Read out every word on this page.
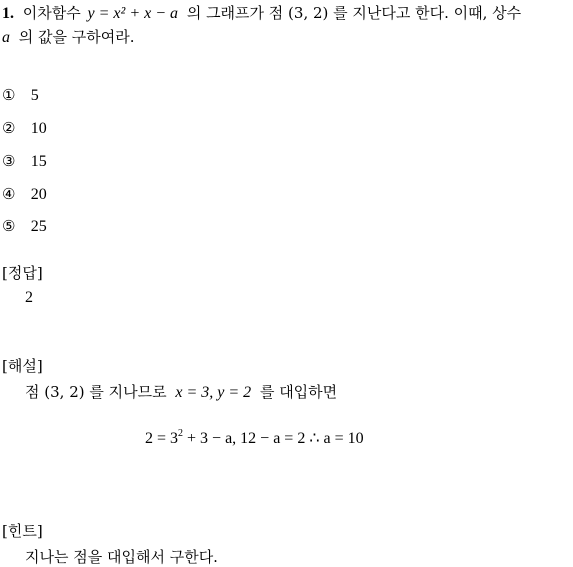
1. 이차함수 y = x² + x − a 의 그래프가 점 (3, 2) 를 지난다고 한다. 이때, 상수
a 의 값을 구하여라.
① 5
② 10
③ 15
④ 20
⑤ 25
[정답]
2
[해설]
점 (3, 2) 를 지나므로 x = 3, y = 2 를 대입하면
$2 = 3^2 + 3 - a$, 12 − a = 2 ∴ a = 10
[힌트]
지나는 점을 대입해서 구한다.
